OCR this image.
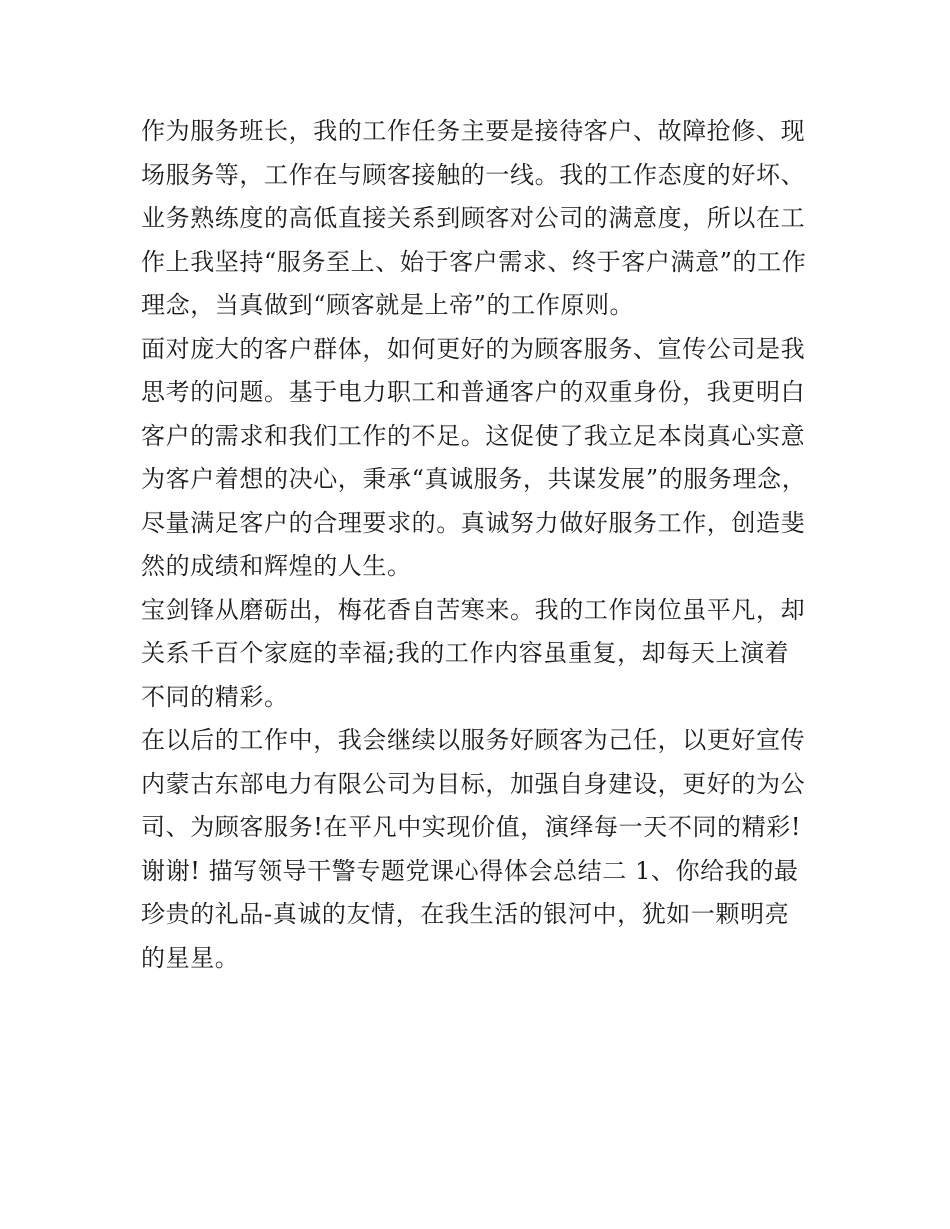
作为服务班长，我的工作任务主要是接待客户、故障抢修、现
场服务等，工作在与顾客接触的一线。我的工作态度的好坏、
业务熟练度的高低直接关系到顾客对公司的满意度，所以在工
作上我坚持“服务至上、始于客户需求、终于客户满意”的工作
理念，当真做到“顾客就是上帝”的工作原则。
面对庞大的客户群体，如何更好的为顾客服务、宣传公司是我
思考的问题。基于电力职工和普通客户的双重身份，我更明白
客户的需求和我们工作的不足。这促使了我立足本岗真心实意
为客户着想的决心，秉承“真诚服务，共谋发展”的服务理念，
尽量满足客户的合理要求的。真诚努力做好服务工作，创造斐
然的成绩和辉煌的人生。
宝剑锋从磨砺出，梅花香自苦寒来。我的工作岗位虽平凡，却
关系千百个家庭的幸福;我的工作内容虽重复，却每天上演着
不同的精彩。
在以后的工作中，我会继续以服务好顾客为己任，以更好宣传
内蒙古东部电力有限公司为目标，加强自身建设，更好的为公
司、为顾客服务!在平凡中实现价值，演绎每一天不同的精彩!
谢谢! 描写领导干警专题党课心得体会总结二 1、你给我的最
珍贵的礼品-真诚的友情，在我生活的银河中，犹如一颗明亮
的星星。
